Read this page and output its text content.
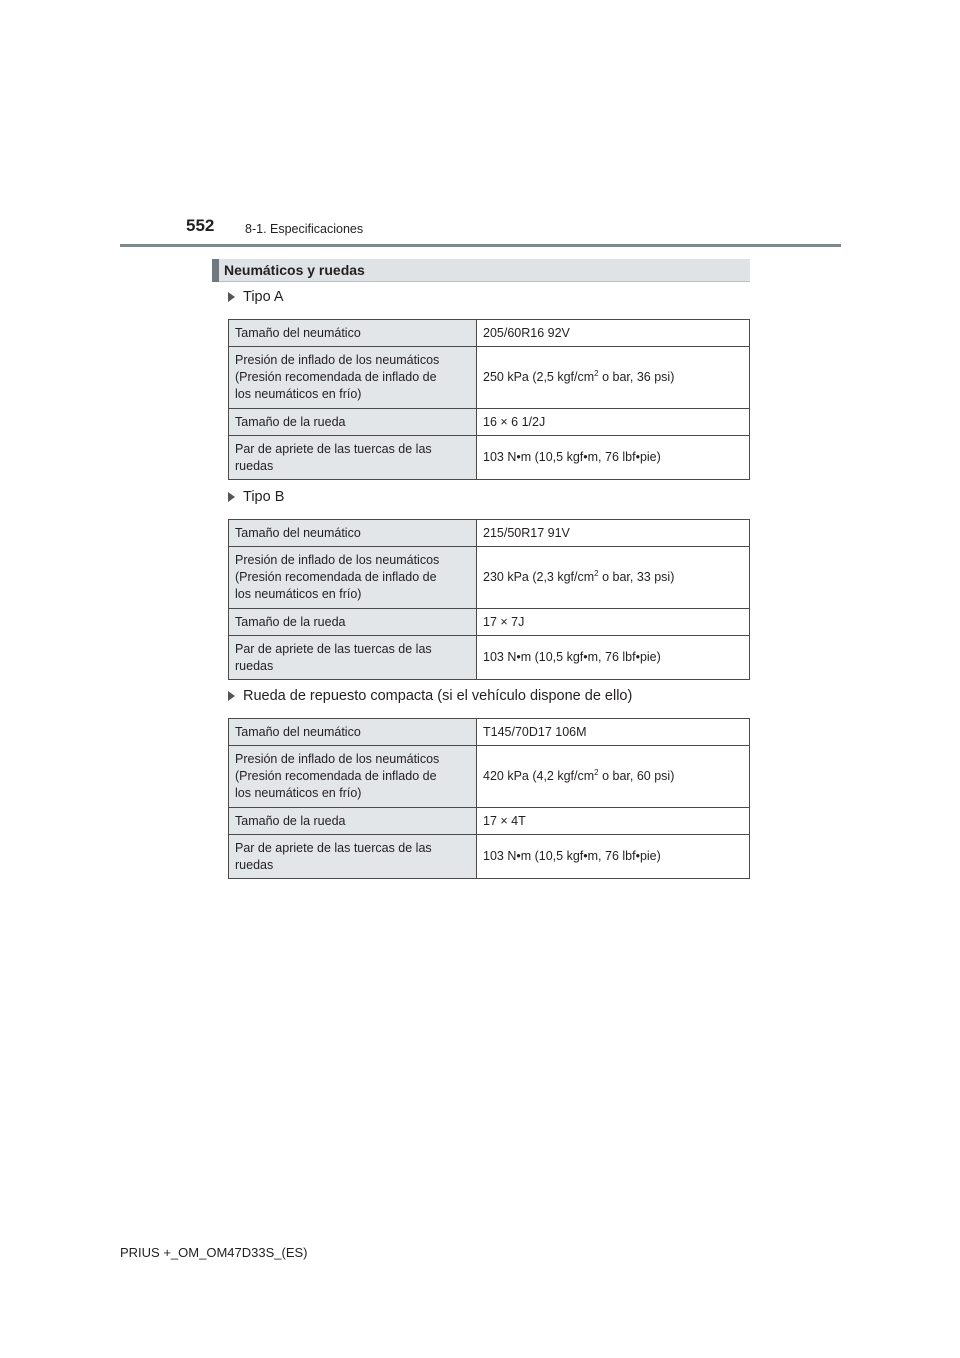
552 8-1. Especificaciones
Neumáticos y ruedas
Tipo A
Tamaño del neumático	205/60R16 92V

Presión de inflado de los neumáticos
(Presión recomendada de inflado de
los neumáticos en frío)	250 kPa (2,5 kgf/$cm^2$ o bar, 36 psi)
Tamaño de la rueda	16 × 6 1/2J

Par de apriete de las tuercas de las
ruedas	103 N•m (10,5 kgf•m, 76 lbf•pie)
Tipo B
Tamaño del neumático	215/50R17 91V

Presión de inflado de los neumáticos
(Presión recomendada de inflado de
los neumáticos en frío)	230 kPa (2,3 kgf/$cm^2$ o bar, 33 psi)
Tamaño de la rueda	17 × 7J

Par de apriete de las tuercas de las
ruedas	103 N•m (10,5 kgf•m, 76 lbf•pie)
Rueda de repuesto compacta (si el vehículo dispone de ello)
Tamaño del neumático	T145/70D17 106M

Presión de inflado de los neumáticos
(Presión recomendada de inflado de
los neumáticos en frío)	420 kPa (4,2 kgf/$cm^2$ o bar, 60 psi)
Tamaño de la rueda	17 × 4T

Par de apriete de las tuercas de las
ruedas	103 N•m (10,5 kgf•m, 76 lbf•pie)
PRIUS +_OM_OM47D33S_(ES)
